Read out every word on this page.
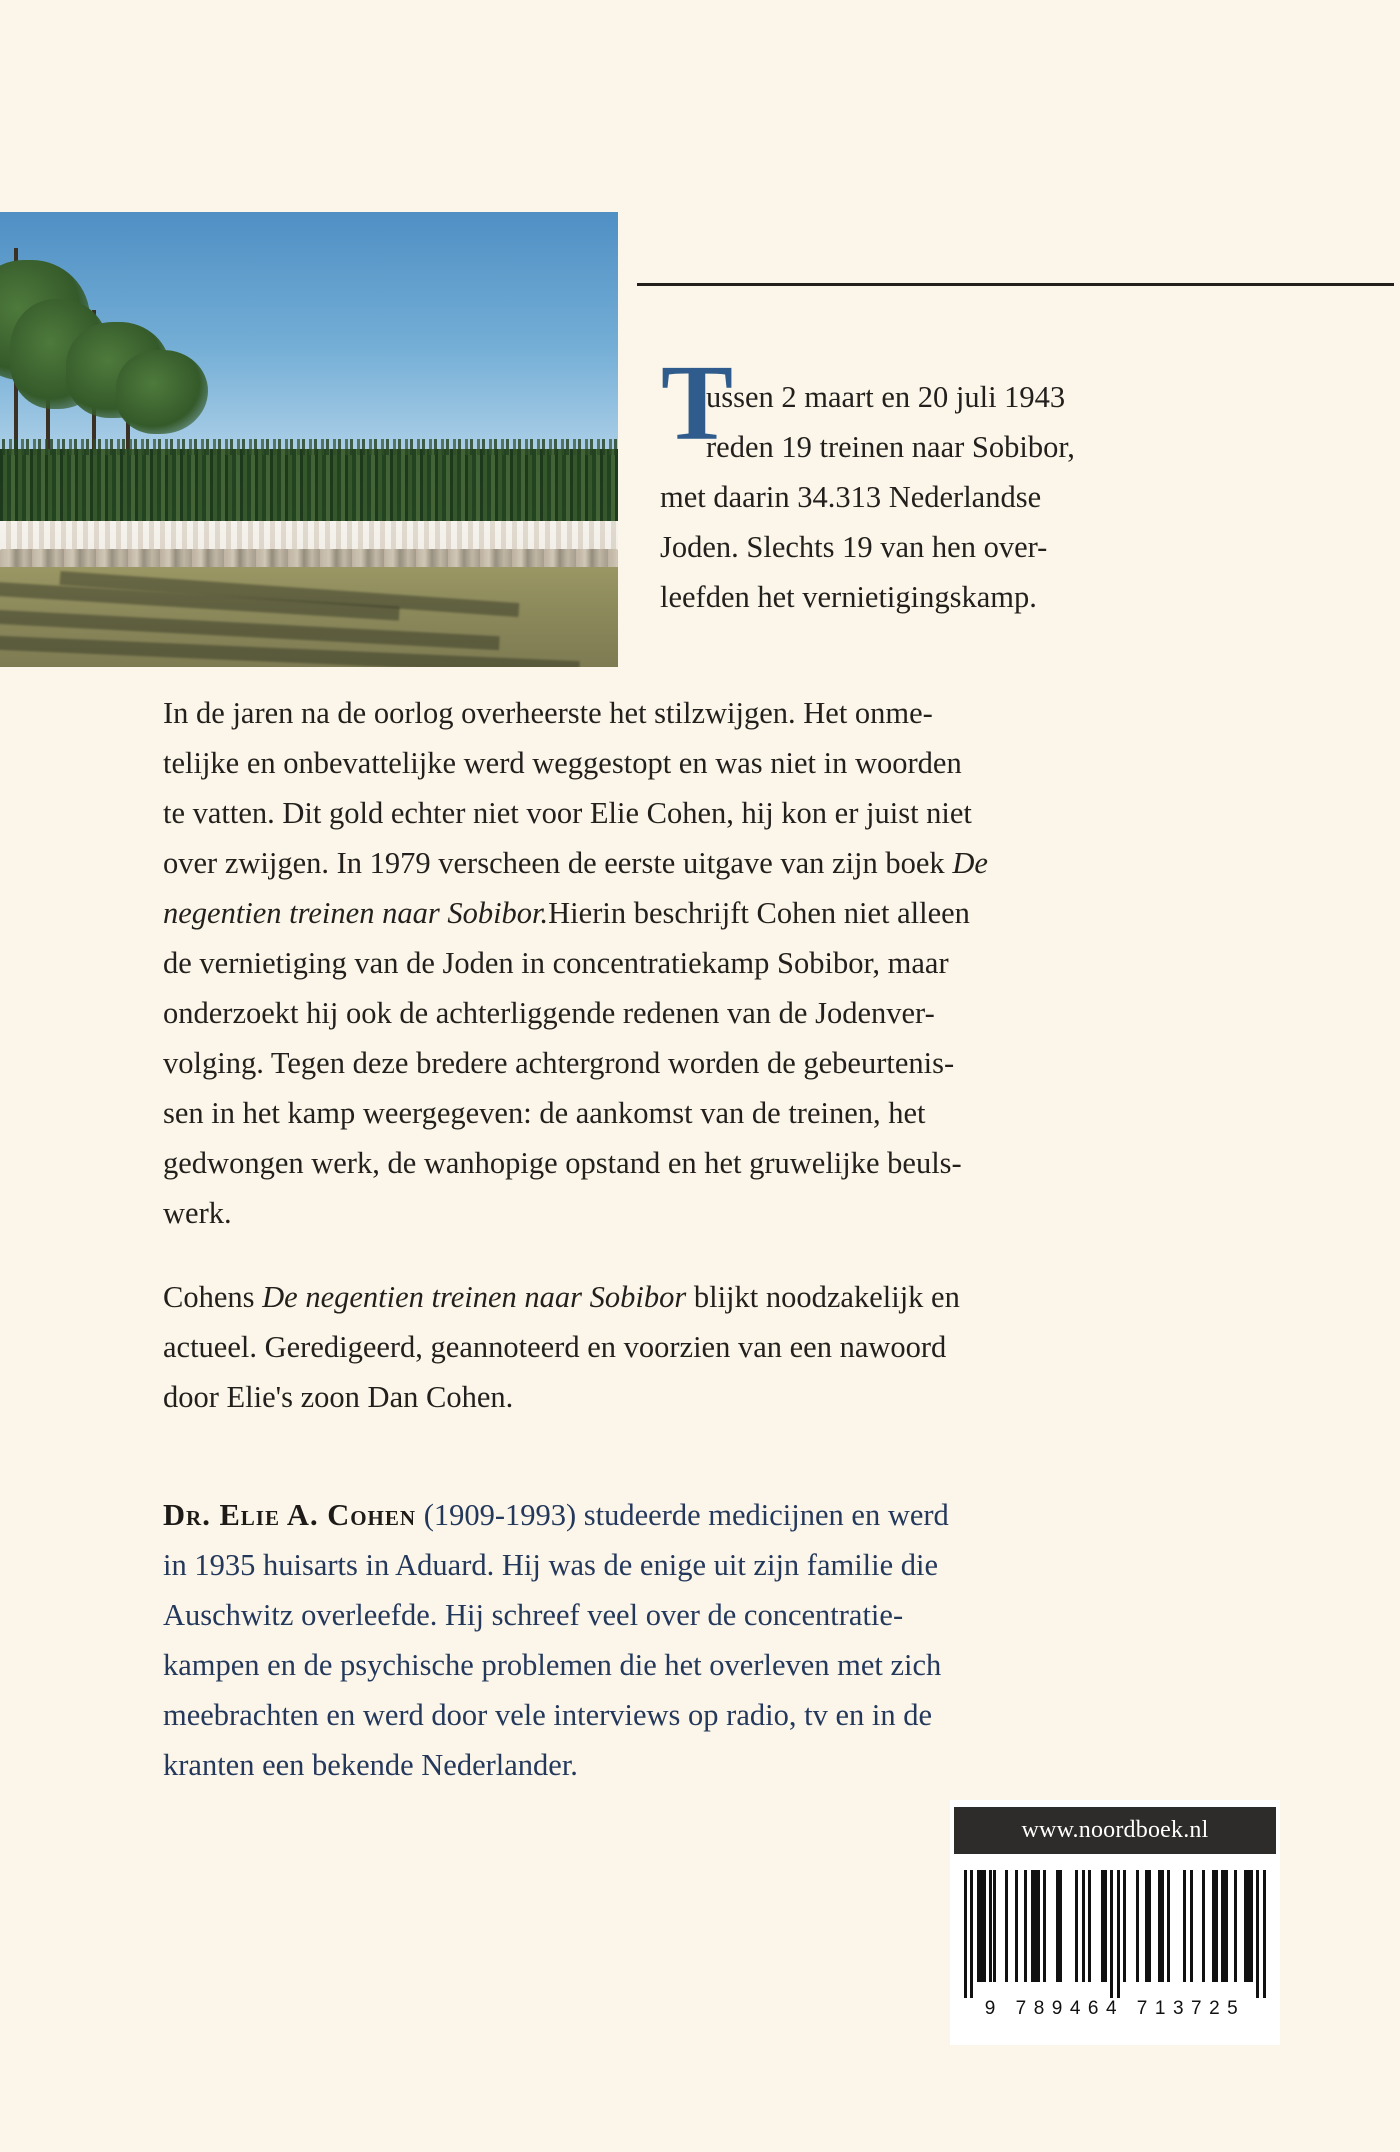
T
ussen 2 maart en 20 juli 1943
reden 19 treinen naar Sobibor,
met daarin 34.313 Nederlandse
Joden. Slechts 19 van hen over-
leefden het vernietigingskamp.

In de jaren na de oorlog overheerste het stilzwijgen. Het onme-
telijke en onbevattelijke werd weggestopt en was niet in woorden
te vatten. Dit gold echter niet voor Elie Cohen, hij kon er juist niet
over zwijgen. In 1979 verscheen de eerste uitgave van zijn boek De
negentien treinen naar Sobibor.Hierin beschrijft Cohen niet alleen
de vernietiging van de Joden in concentratiekamp Sobibor, maar
onderzoekt hij ook de achterliggende redenen van de Jodenver-
volging. Tegen deze bredere achtergrond worden de gebeurtenis-
sen in het kamp weergegeven: de aankomst van de treinen, het
gedwongen werk, de wanhopige opstand en het gruwelijke beuls-
werk.

Cohens De negentien treinen naar Sobibor blijkt noodzakelijk en
actueel. Geredigeerd, geannoteerd en voorzien van een nawoord
door Elie's zoon Dan Cohen.

Dr. Elie A. Cohen (1909-1993) studeerde medicijnen en werd
in 1935 huisarts in Aduard. Hij was de enige uit zijn familie die
Auschwitz overleefde. Hij schreef veel over de concentratie-
kampen en de psychische problemen die het overleven met zich
meebrachten en werd door vele interviews op radio, tv en in de
kranten een bekende Nederlander.
www.noordboek.nl
9 789464 713725
